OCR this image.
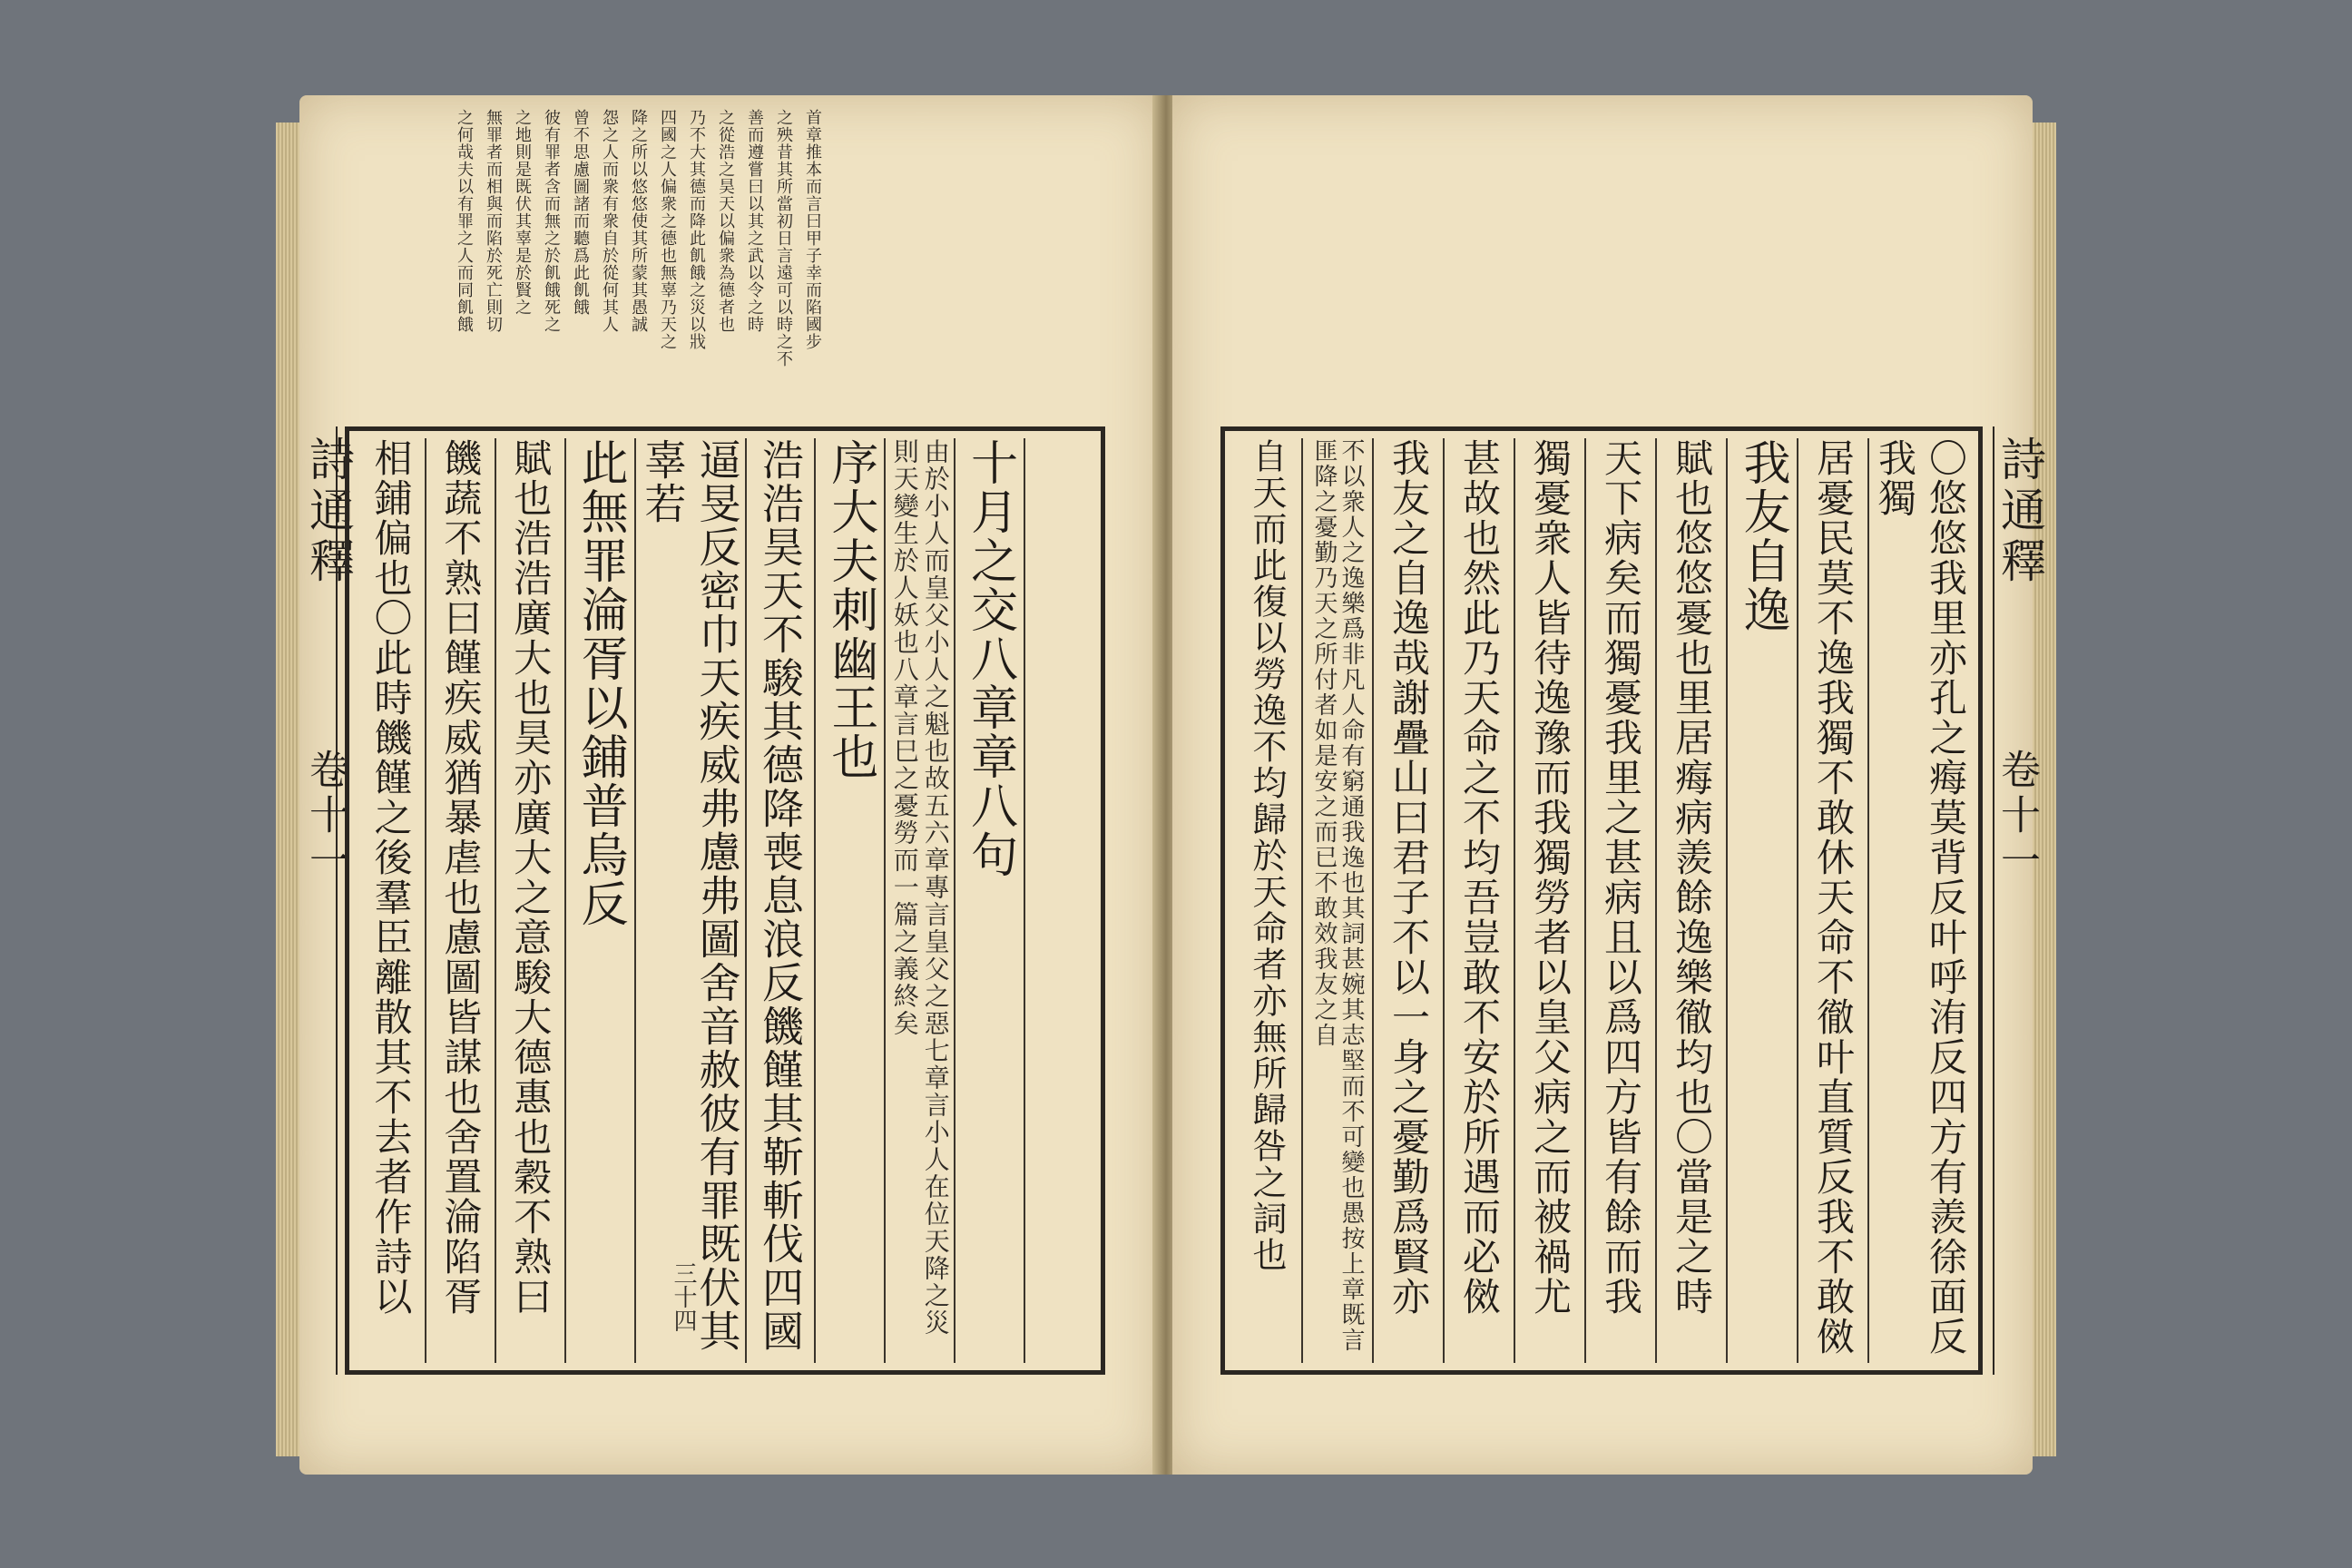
首章推本而言曰甲子幸而陷國步
之殃昔其所當初日言遠可以時之不
善而遵嘗曰以其之武以令之時
之從浩之昊天以偏衆為德者也
乃不大其德而降此飢餓之災以戕
四國之人偏衆之德也無辜乃天之
降之所以悠悠使其所蒙其愚誠
怨之人而衆有衆自於從何其人
曾不思慮圖諸而聽爲此飢餓
彼有罪者含而無之於飢餓死之
之地則是既伏其辜是於賢之
無罪者而相與而陷於死亡則切
之何哉夫以有罪之人而同飢餓
詩通釋
卷十一	十月之交八章章八句
由於小人而皇父小人之魁也故五六章專言皇父之惡七章言小人在位天降之災則天變生於人妖也八章言巳之憂勞而一篇之義終矣
序大夫刺幽王也
浩浩昊天不駿其德降喪息浪反饑饉其靳斬伐四國
逼旻反密巾天疾威弗慮弗圖舍音赦彼有罪既伏其辜若
此無罪淪胥以鋪普烏反
賦也浩浩廣大也昊亦廣大之意駿大德惠也穀不熟曰
饑蔬不熟曰饉疾威猶暴虐也慮圖皆謀也舍置淪陷胥
相鋪偏也〇此時饑饉之後羣臣離散其不去者作詩以	三十四	〇悠悠我里亦孔之痗莫背反叶呼洧反四方有羨徐面反我獨
居憂民莫不逸我獨不敢休天命不徹叶直質反我不敢傚
我友自逸
賦也悠悠憂也里居痗病羨餘逸樂徹均也〇當是之時
天下病矣而獨憂我里之甚病且以爲四方皆有餘而我
獨憂衆人皆待逸豫而我獨勞者以皇父病之而被禍尤
甚故也然此乃天命之不均吾豈敢不安於所遇而必傚
我友之自逸哉謝疊山曰君子不以一身之憂勤爲賢亦
不以衆人之逸樂爲非凡人命有窮通我逸也其詞甚婉其志堅而不可變也愚按上章既言匪降之憂勤乃天之所付者如是安之而已不敢效我友之自
自天而此復以勞逸不均歸於天命者亦無所歸咎之詞也	詩通釋
卷十一
